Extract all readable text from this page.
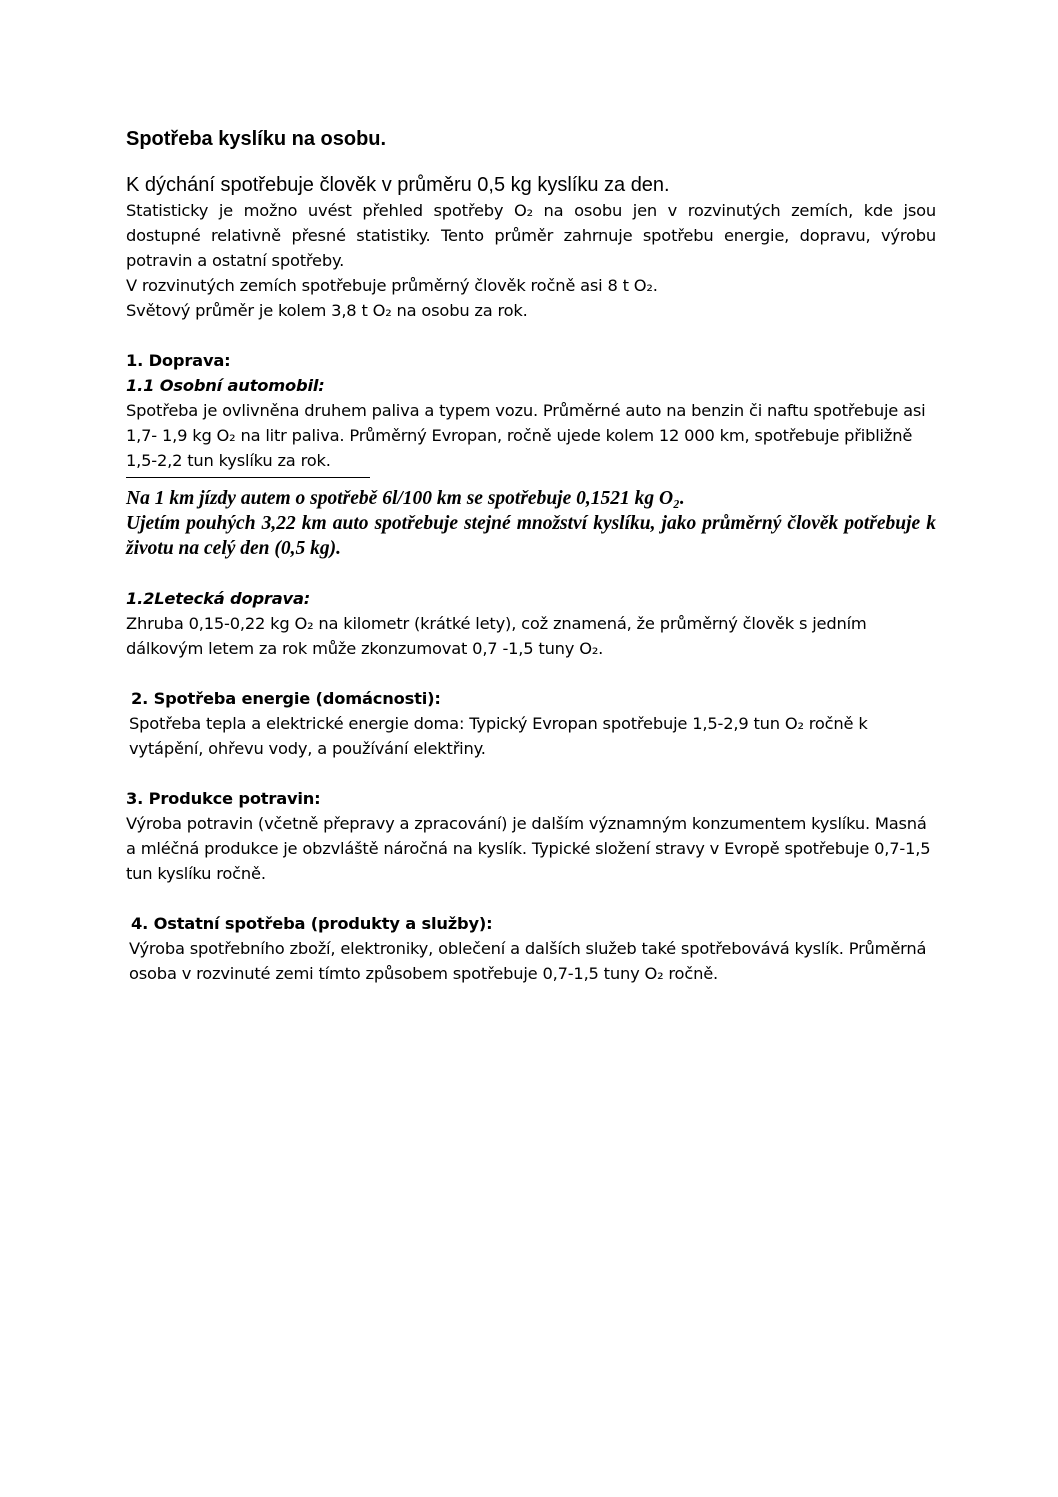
Spotřeba kyslíku na osobu.

K dýchání spotřebuje člověk v průměru 0,5 kg kyslíku za den.

Statisticky je možno uvést přehled spotřeby O₂ na osobu jen v rozvinutých zemích, kde jsou dostupné relativně přesné statistiky. Tento průměr zahrnuje spotřebu energie, dopravu, výrobu potravin a ostatní spotřeby.

V rozvinutých zemích spotřebuje průměrný člověk ročně asi 8 t O₂.

Světový průměr je kolem 3,8 t O₂ na osobu za rok.

1. Doprava:

1.1 Osobní automobil:

Spotřeba je ovlivněna druhem paliva a typem vozu. Průměrné auto na benzin či naftu spotřebuje asi 1,7- 1,9 kg O₂ na litr paliva. Průměrný Evropan, ročně ujede kolem 12 000 km, spotřebuje přibližně 1,5-2,2 tun kyslíku za rok.

Na 1 km jízdy autem o spotřebě 6l/100 km se spotřebuje 0,1521 kg O₂.

Ujetím pouhých 3,22 km auto spotřebuje stejné množství kyslíku, jako průměrný člověk potřebuje k životu na celý den (0,5 kg).

1.2Letecká doprava:

Zhruba 0,15-0,22 kg O₂ na kilometr (krátké lety), což znamená, že průměrný člověk s jedním dálkovým letem za rok může zkonzumovat 0,7 -1,5 tuny O₂.

2. Spotřeba energie (domácnosti):

Spotřeba tepla a elektrické energie doma: Typický Evropan spotřebuje 1,5-2,9 tun O₂ ročně k vytápění, ohřevu vody, a používání elektřiny.

3. Produkce potravin:

Výroba potravin (včetně přepravy a zpracování) je dalším významným konzumentem kyslíku. Masná a mléčná produkce je obzvláště náročná na kyslík. Typické složení stravy v Evropě spotřebuje 0,7-1,5 tun kyslíku ročně.

4. Ostatní spotřeba (produkty a služby):

Výroba spotřebního zboží, elektroniky, oblečení a dalších služeb také spotřebovává kyslík. Průměrná osoba v rozvinuté zemi tímto způsobem spotřebuje 0,7-1,5 tuny O₂ ročně.
